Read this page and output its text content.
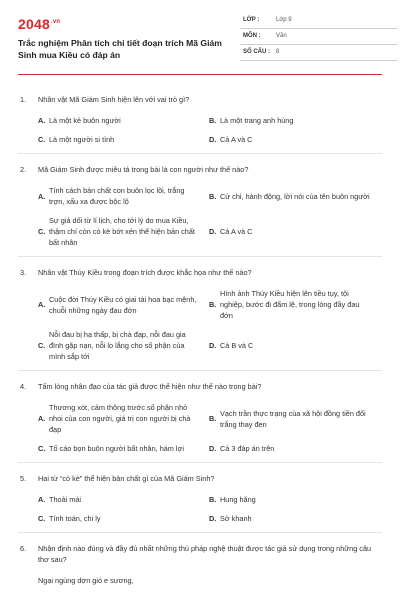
$2048^{.vn}$
Trắc nghiệm Phân tích chi tiết đoạn trích Mã Giám Sinh mua Kiều có đáp án
LỚP :	Lớp 9
MÔN :	Văn
SỐ CÂU : 8
1. Nhân vật Mã Giám Sinh hiện lên với vai trò gì?
A. Là một kẻ buôn người	B. Là một trang anh hùng
C. Là một người si tình	D. Cả A và C
2. Mã Giám Sinh được miêu tả trong bài là con người như thế nào?
A.
Tính cách bản chất con buôn lọc lõi, trắng trợn, xấu xa được bộc lộ
B. Cử chỉ, hành động, lời nói của tên buôn người
C.
Sự giả dối từ lí lịch, cho tới lý do mua Kiều, thậm chí còn cò kè bớt xén thể hiện bản chất bất nhân
D. Cả A và C
3. Nhân vật Thúy Kiều trong đoạn trích được khắc họa như thế nào?
A.
Cuộc đời Thúy Kiều có giai tài hoa bạc mệnh, chuỗi những ngày đau đớn
B.
Hình ảnh Thúy Kiều hiện lên tiều tụy, tội nghiệp, bước đi đẩm lệ, trong lòng đầy đau đớn
C.
Nỗi đau bị hạ thấp, bị chà đạp, nỗi đau gia đình gặp nạn, nỗi lo lắng cho số phận của mình sắp tới
D. Cả B và C
4. Tấm lòng nhân đạo của tác giả được thể hiện như thế nào trong bài?
A.
Thương xót, cảm thông trước số phận nhỏ nhoi của con người, giá trị con người bị chà đạp
B.
Vạch trần thực trạng của xã hội đồng tiền đổi trắng thay đen
C. Tố cáo bọn buôn người bất nhân, hám lợi	D. Cả 3 đáp án trên
5. Hai từ “cò kè” thể hiện bản chất gì của Mã Giám Sinh?
A. Thoải mái	B. Hung hăng
C. Tính toán, chi ly	D. Sở khanh
6. Nhận định nào đúng và đầy đủ nhất những thủ pháp nghệ thuật được tác giả sử dụng trong những câu thơ sau?
Ngại ngùng dợn gió e sương,
